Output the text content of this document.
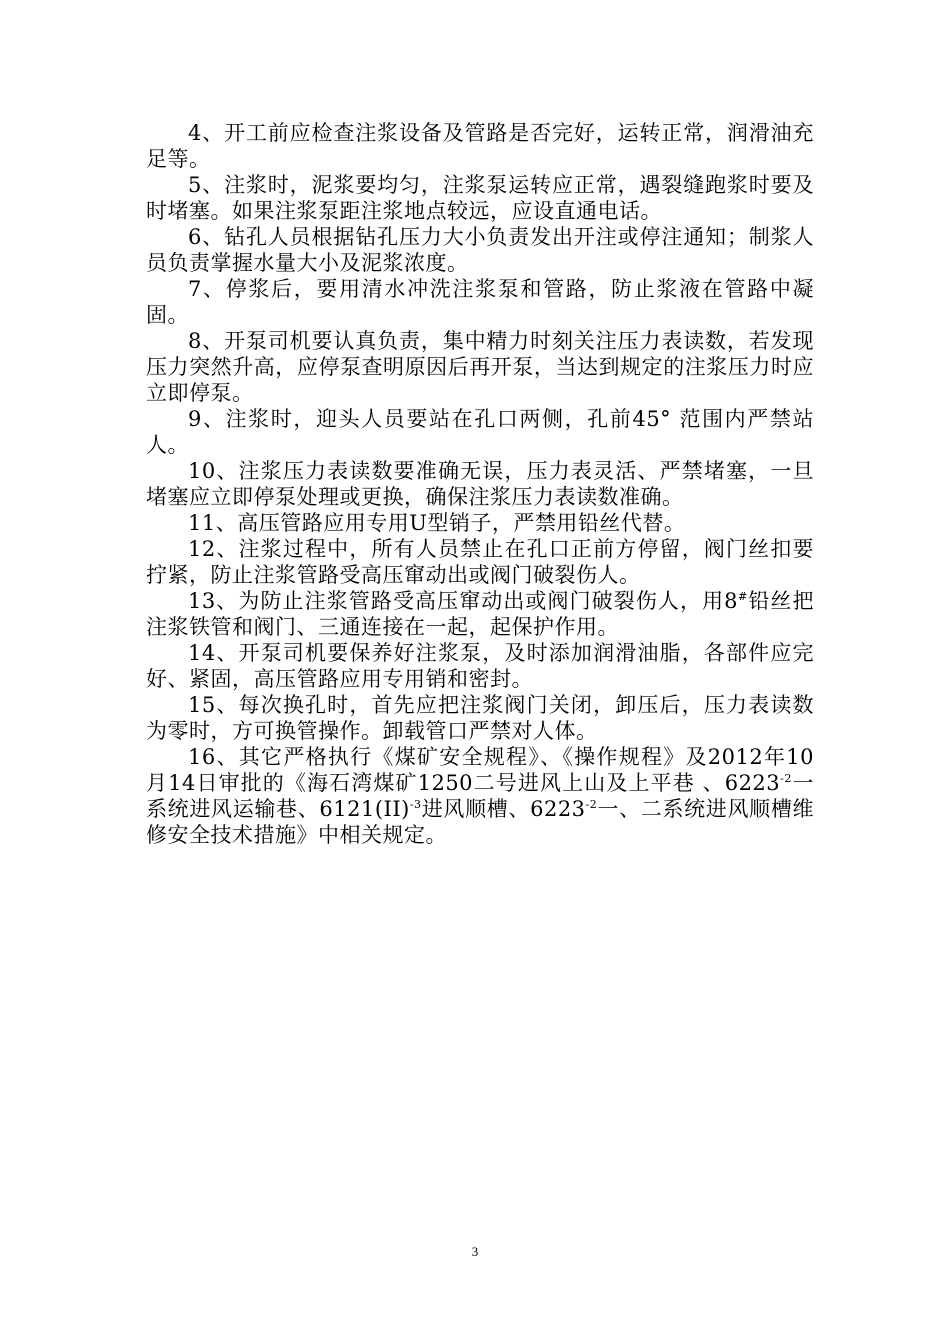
4、开工前应检查注浆设备及管路是否完好，运转正常，润滑油充足等。

5、注浆时，泥浆要均匀，注浆泵运转应正常，遇裂缝跑浆时要及时堵塞。如果注浆泵距注浆地点较远，应设直通电话。

6、钻孔人员根据钻孔压力大小负责发出开注或停注通知；制浆人员负责掌握水量大小及泥浆浓度。

7、停浆后，要用清水冲洗注浆泵和管路，防止浆液在管路中凝固。

8、开泵司机要认真负责，集中精力时刻关注压力表读数，若发现压力突然升高，应停泵查明原因后再开泵，当达到规定的注浆压力时应立即停泵。

9、注浆时，迎头人员要站在孔口两侧，孔前45° 范围内严禁站人。

10、注浆压力表读数要准确无误，压力表灵活、严禁堵塞，一旦堵塞应立即停泵处理或更换，确保注浆压力表读数准确。

11、高压管路应用专用U型销子，严禁用铅丝代替。

12、注浆过程中，所有人员禁止在孔口正前方停留，阀门丝扣要拧紧，防止注浆管路受高压窜动出或阀门破裂伤人。

13、为防止注浆管路受高压窜动出或阀门破裂伤人，用8#铅丝把注浆铁管和阀门、三通连接在一起，起保护作用。

14、开泵司机要保养好注浆泵，及时添加润滑油脂，各部件应完好、紧固，高压管路应用专用销和密封。

15、每次换孔时，首先应把注浆阀门关闭，卸压后，压力表读数为零时，方可换管操作。卸载管口严禁对人体。

16、其它严格执行《煤矿安全规程》、《操作规程》及2012年10月14日审批的《海石湾煤矿1250二号进风上山及上平巷 、$6223^{-2}$一系统进风运输巷、6121(II)$^{-3}$进风顺槽、$6223^{-2}$一、二系统进风顺槽维修安全技术措施》中相关规定。

3
